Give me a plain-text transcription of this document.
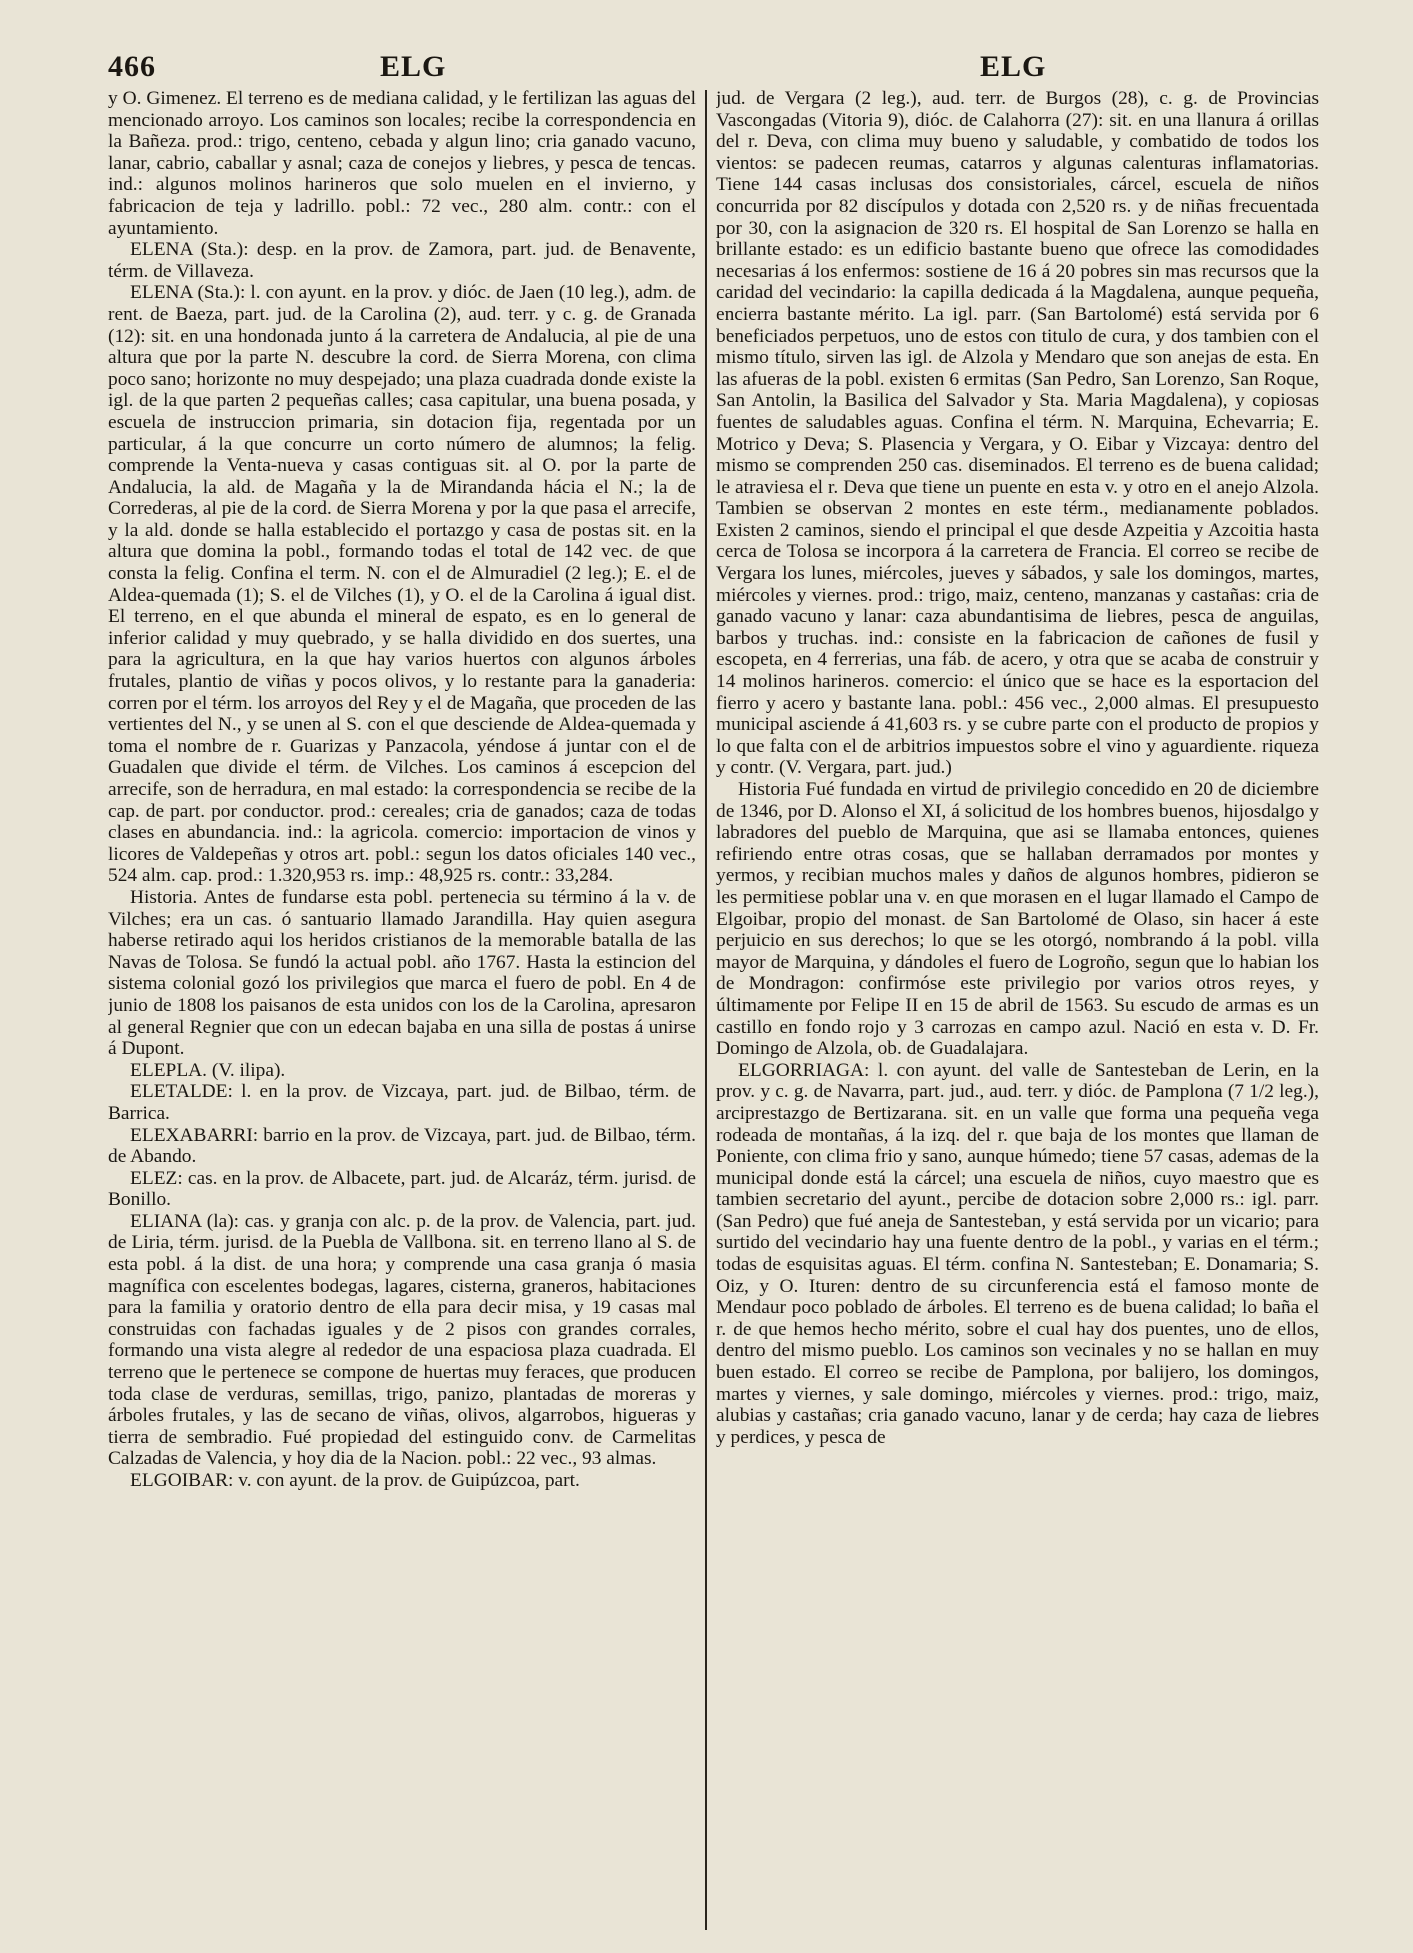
466	ELG	ELG

y O. Gimenez. El terreno es de mediana calidad, y le fertilizan las aguas del mencionado arroyo. Los caminos son locales; recibe la correspondencia en la Bañeza. prod.: trigo, centeno, cebada y algun lino; cria ganado vacuno, lanar, cabrio, caballar y asnal; caza de conejos y liebres, y pesca de tencas. ind.: algunos molinos harineros que solo muelen en el invierno, y fabricacion de teja y ladrillo. pobl.: 72 vec., 280 alm. contr.: con el ayuntamiento.

ELENA (Sta.): desp. en la prov. de Zamora, part. jud. de Benavente, térm. de Villaveza.

ELENA (Sta.): l. con ayunt. en la prov. y dióc. de Jaen (10 leg.), adm. de rent. de Baeza, part. jud. de la Carolina (2), aud. terr. y c. g. de Granada (12): sit. en una hondonada junto á la carretera de Andalucia, al pie de una altura que por la parte N. descubre la cord. de Sierra Morena, con clima poco sano; horizonte no muy despejado; una plaza cuadrada donde existe la igl. de la que parten 2 pequeñas calles; casa capitular, una buena posada, y escuela de instruccion primaria, sin dotacion fija, regentada por un particular, á la que concurre un corto número de alumnos; la felig. comprende la Venta-nueva y casas contiguas sit. al O. por la parte de Andalucia, la ald. de Magaña y la de Mirandanda hácia el N.; la de Correderas, al pie de la cord. de Sierra Morena y por la que pasa el arrecife, y la ald. donde se halla establecido el portazgo y casa de postas sit. en la altura que domina la pobl., formando todas el total de 142 vec. de que consta la felig. Confina el term. N. con el de Almuradiel (2 leg.); E. el de Aldea-quemada (1); S. el de Vilches (1), y O. el de la Carolina á igual dist. El terreno, en el que abunda el mineral de espato, es en lo general de inferior calidad y muy quebrado, y se halla dividido en dos suertes, una para la agricultura, en la que hay varios huertos con algunos árboles frutales, plantio de viñas y pocos olivos, y lo restante para la ganaderia: corren por el térm. los arroyos del Rey y el de Magaña, que proceden de las vertientes del N., y se unen al S. con el que desciende de Aldea-quemada y toma el nombre de r. Guarizas y Panzacola, yéndose á juntar con el de Guadalen que divide el térm. de Vilches. Los caminos á escepcion del arrecife, son de herradura, en mal estado: la correspondencia se recibe de la cap. de part. por conductor. prod.: cereales; cria de ganados; caza de todas clases en abundancia. ind.: la agricola. comercio: importacion de vinos y licores de Valdepeñas y otros art. pobl.: segun los datos oficiales 140 vec., 524 alm. cap. prod.: 1.320,953 rs. imp.: 48,925 rs. contr.: 33,284.

Historia. Antes de fundarse esta pobl. pertenecia su término á la v. de Vilches; era un cas. ó santuario llamado Jarandilla. Hay quien asegura haberse retirado aqui los heridos cristianos de la memorable batalla de las Navas de Tolosa. Se fundó la actual pobl. año 1767. Hasta la estincion del sistema colonial gozó los privilegios que marca el fuero de pobl. En 4 de junio de 1808 los paisanos de esta unidos con los de la Carolina, apresaron al general Regnier que con un edecan bajaba en una silla de postas á unirse á Dupont.

ELEPLA. (V. ilipa).

ELETALDE: l. en la prov. de Vizcaya, part. jud. de Bilbao, térm. de Barrica.

ELEXABARRI: barrio en la prov. de Vizcaya, part. jud. de Bilbao, térm. de Abando.

ELEZ: cas. en la prov. de Albacete, part. jud. de Alcaráz, térm. jurisd. de Bonillo.

ELIANA (la): cas. y granja con alc. p. de la prov. de Valencia, part. jud. de Liria, térm. jurisd. de la Puebla de Vallbona. sit. en terreno llano al S. de esta pobl. á la dist. de una hora; y comprende una casa granja ó masia magnífica con escelentes bodegas, lagares, cisterna, graneros, habitaciones para la familia y oratorio dentro de ella para decir misa, y 19 casas mal construidas con fachadas iguales y de 2 pisos con grandes corrales, formando una vista alegre al rededor de una espaciosa plaza cuadrada. El terreno que le pertenece se compone de huertas muy feraces, que producen toda clase de verduras, semillas, trigo, panizo, plantadas de moreras y árboles frutales, y las de secano de viñas, olivos, algarrobos, higueras y tierra de sembradio. Fué propiedad del estinguido conv. de Carmelitas Calzadas de Valencia, y hoy dia de la Nacion. pobl.: 22 vec., 93 almas.

ELGOIBAR: v. con ayunt. de la prov. de Guipúzcoa, part.

jud. de Vergara (2 leg.), aud. terr. de Burgos (28), c. g. de Provincias Vascongadas (Vitoria 9), dióc. de Calahorra (27): sit. en una llanura á orillas del r. Deva, con clima muy bueno y saludable, y combatido de todos los vientos: se padecen reumas, catarros y algunas calenturas inflamatorias. Tiene 144 casas inclusas dos consistoriales, cárcel, escuela de niños concurrida por 82 discípulos y dotada con 2,520 rs. y de niñas frecuentada por 30, con la asignacion de 320 rs. El hospital de San Lorenzo se halla en brillante estado: es un edificio bastante bueno que ofrece las comodidades necesarias á los enfermos: sostiene de 16 á 20 pobres sin mas recursos que la caridad del vecindario: la capilla dedicada á la Magdalena, aunque pequeña, encierra bastante mérito. La igl. parr. (San Bartolomé) está servida por 6 beneficiados perpetuos, uno de estos con titulo de cura, y dos tambien con el mismo título, sirven las igl. de Alzola y Mendaro que son anejas de esta. En las afueras de la pobl. existen 6 ermitas (San Pedro, San Lorenzo, San Roque, San Antolin, la Basilica del Salvador y Sta. Maria Magdalena), y copiosas fuentes de saludables aguas. Confina el térm. N. Marquina, Echevarria; E. Motrico y Deva; S. Plasencia y Vergara, y O. Eibar y Vizcaya: dentro del mismo se comprenden 250 cas. diseminados. El terreno es de buena calidad; le atraviesa el r. Deva que tiene un puente en esta v. y otro en el anejo Alzola. Tambien se observan 2 montes en este térm., medianamente poblados. Existen 2 caminos, siendo el principal el que desde Azpeitia y Azcoitia hasta cerca de Tolosa se incorpora á la carretera de Francia. El correo se recibe de Vergara los lunes, miércoles, jueves y sábados, y sale los domingos, martes, miércoles y viernes. prod.: trigo, maiz, centeno, manzanas y castañas: cria de ganado vacuno y lanar: caza abundantisima de liebres, pesca de anguilas, barbos y truchas. ind.: consiste en la fabricacion de cañones de fusil y escopeta, en 4 ferrerias, una fáb. de acero, y otra que se acaba de construir y 14 molinos harineros. comercio: el único que se hace es la esportacion del fierro y acero y bastante lana. pobl.: 456 vec., 2,000 almas. El presupuesto municipal asciende á 41,603 rs. y se cubre parte con el producto de propios y lo que falta con el de arbitrios impuestos sobre el vino y aguardiente. riqueza y contr. (V. Vergara, part. jud.)

Historia Fué fundada en virtud de privilegio concedido en 20 de diciembre de 1346, por D. Alonso el XI, á solicitud de los hombres buenos, hijosdalgo y labradores del pueblo de Marquina, que asi se llamaba entonces, quienes refiriendo entre otras cosas, que se hallaban derramados por montes y yermos, y recibian muchos males y daños de algunos hombres, pidieron se les permitiese poblar una v. en que morasen en el lugar llamado el Campo de Elgoibar, propio del monast. de San Bartolomé de Olaso, sin hacer á este perjuicio en sus derechos; lo que se les otorgó, nombrando á la pobl. villa mayor de Marquina, y dándoles el fuero de Logroño, segun que lo habian los de Mondragon: confirmóse este privilegio por varios otros reyes, y últimamente por Felipe II en 15 de abril de 1563. Su escudo de armas es un castillo en fondo rojo y 3 carrozas en campo azul. Nació en esta v. D. Fr. Domingo de Alzola, ob. de Guadalajara.

ELGORRIAGA: l. con ayunt. del valle de Santesteban de Lerin, en la prov. y c. g. de Navarra, part. jud., aud. terr. y dióc. de Pamplona (7 1/2 leg.), arciprestazgo de Bertizarana. sit. en un valle que forma una pequeña vega rodeada de montañas, á la izq. del r. que baja de los montes que llaman de Poniente, con clima frio y sano, aunque húmedo; tiene 57 casas, ademas de la municipal donde está la cárcel; una escuela de niños, cuyo maestro que es tambien secretario del ayunt., percibe de dotacion sobre 2,000 rs.: igl. parr. (San Pedro) que fué aneja de Santesteban, y está servida por un vicario; para surtido del vecindario hay una fuente dentro de la pobl., y varias en el térm.; todas de esquisitas aguas. El térm. confina N. Santesteban; E. Donamaria; S. Oiz, y O. Ituren: dentro de su circunferencia está el famoso monte de Mendaur poco poblado de árboles. El terreno es de buena calidad; lo baña el r. de que hemos hecho mérito, sobre el cual hay dos puentes, uno de ellos, dentro del mismo pueblo. Los caminos son vecinales y no se hallan en muy buen estado. El correo se recibe de Pamplona, por balijero, los domingos, martes y viernes, y sale domingo, miércoles y viernes. prod.: trigo, maiz, alubias y castañas; cria ganado vacuno, lanar y de cerda; hay caza de liebres y perdices, y pesca de
